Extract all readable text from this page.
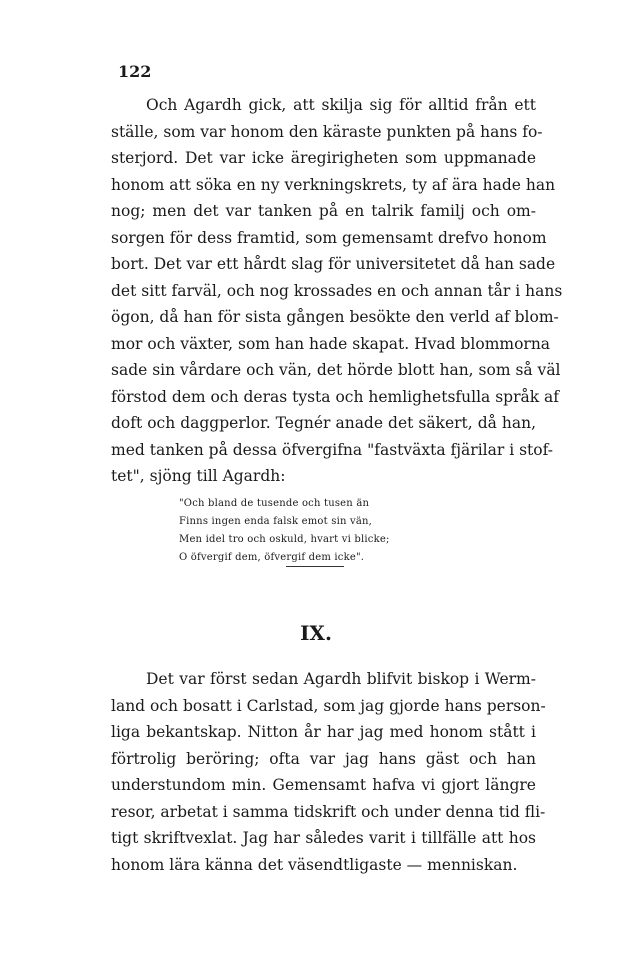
122

Och Agardh gick, att skilja sig för alltid från ett

ställe, som var honom den käraste punkten på hans fo-

sterjord. Det var icke äregirigheten som uppmanade

honom att söka en ny verkningskrets, ty af ära hade han

nog; men det var tanken på en talrik familj och om-

sorgen för dess framtid, som gemensamt drefvo honom

bort. Det var ett hårdt slag för universitetet då han sade

det sitt farväl, och nog krossades en och annan tår i hans

ögon, då han för sista gången besökte den verld af blom-

mor och växter, som han hade skapat. Hvad blommorna

sade sin vårdare och vän, det hörde blott han, som så väl

förstod dem och deras tysta och hemlighetsfulla språk af

doft och daggperlor. Tegnér anade det säkert, då han,

med tanken på dessa öfvergifna "fastväxta fjärilar i stof-

tet", sjöng till Agardh:

"Och bland de tusende och tusen än

Finns ingen enda falsk emot sin vän,

Men idel tro och oskuld, hvart vi blicke;

O öfvergif dem, öfvergif dem icke".

IX.

Det var först sedan Agardh blifvit biskop i Werm-

land och bosatt i Carlstad, som jag gjorde hans person-

liga bekantskap. Nitton år har jag med honom stått i

förtrolig beröring; ofta var jag hans gäst och han

understundom min. Gemensamt hafva vi gjort längre

resor, arbetat i samma tidskrift och under denna tid fli-

tigt skriftvexlat. Jag har således varit i tillfälle att hos

honom lära känna det väsendtligaste — menniskan.
